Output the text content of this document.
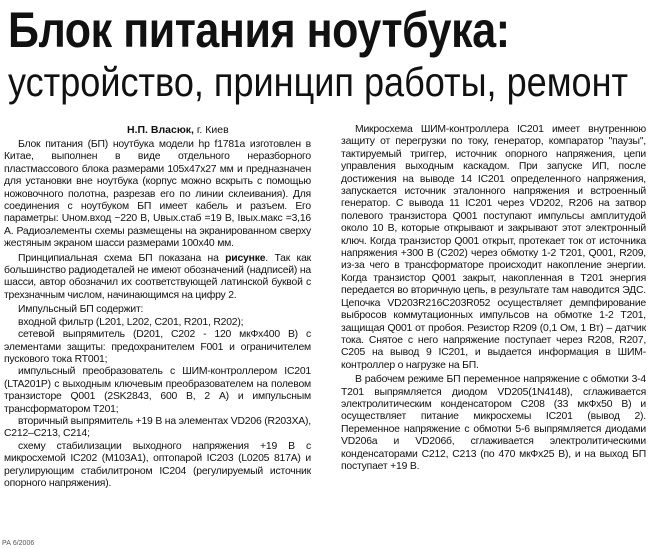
Блок питания ноутбука:
устройство, принцип работы, ремонт
Н.П. Власюк, г. Киев

Блок питания (БП) ноутбука модели hp f1781a изготовлен в Китае, выполнен в виде отдельного неразборного пластмассового блока размерами 105x47x27 мм и предназначен для установки вне ноутбука (корпус можно вскрыть с помощью ножовочного полотна, разрезав его по линии склеивания). Для соединения с ноутбуком БП имеет кабель и разъем. Его параметры: Uном.вход ~220 В, Uвых.стаб =19 В, Iвых.макс =3,16 А. Радиоэлементы схемы размещены на экранированном сверху жестяным экраном шасси размерами 100x40 мм.

Принципиальная схема БП показана на рисунке. Так как большинство радиодеталей не имеют обозначений (надписей) на шасси, автор обозначил их соответствующей латинской буквой с трехзначным числом, начинающимся на цифру 2.

Импульсный БП содержит:

входной фильтр (L201, L202, C201, R201, R202);

сетевой выпрямитель (D201, C202 - 120 мкФx400 В) с элементами защиты: предохранителем F001 и ограничителем пускового тока RT001;

импульсный преобразователь с ШИМ-контроллером IC201 (LTA201P) с выходным ключевым преобразователем на полевом транзисторе Q001 (2SK2843, 600 В, 2 А) и импульсным трансформатором T201;

вторичный выпрямитель +19 В на элементах VD206 (R203XA), C212–C213, C214;

схему стабилизации выходного напряжения +19 В с микросхемой IC202 (M103A1), оптопарой IC203 (L0205 817A) и регулирующим стабилитроном IC204 (регулируемый источник опорного напряжения).

Микросхема ШИМ-контроллера IC201 имеет внутреннюю защиту от перегрузки по току, генератор, компаратор "паузы", тактируемый триггер, источник опорного напряжения, цепи управления выходным каскадом. При запуске ИП, после достижения на выводе 14 IC201 определенного напряжения, запускается источник эталонного напряжения и встроенный генератор. С вывода 11 IC201 через VD202, R206 на затвор полевого транзистора Q001 поступают импульсы амплитудой около 10 В, которые открывают и закрывают этот электронный ключ. Когда транзистор Q001 открыт, протекает ток от источника напряжения +300 В (C202) через обмотку 1-2 T201, Q001, R209, из-за чего в трансформаторе происходит накопление энергии. Когда транзистор Q001 закрыт, накопленная в T201 энергия передается во вторичную цепь, в результате там наводится ЭДС. Цепочка VD203R216C203R052 осуществляет демпфирование выбросов коммутационных импульсов на обмотке 1-2 T201, защищая Q001 от пробоя. Резистор R209 (0,1 Ом, 1 Вт) – датчик тока. Снятое с него напряжение поступает через R208, R207, C205 на вывод 9 IC201, и выдается информация в ШИМ-контроллер о нагрузке на БП.

В рабочем режиме БП переменное напряжение с обмотки 3-4 T201 выпрямляется диодом VD205(1N4148), сглаживается электролитическим конденсатором C208 (33 мкФx50 В) и осуществляет питание микросхемы IC201 (вывод 2). Переменное напряжение с обмотки 5-6 выпрямляется диодами VD206a и VD206б, сглаживается электролитическими конденсаторами C212, C213 (по 470 мкФx25 В), и на выход БП поступает +19 В.

РА 6/2006
